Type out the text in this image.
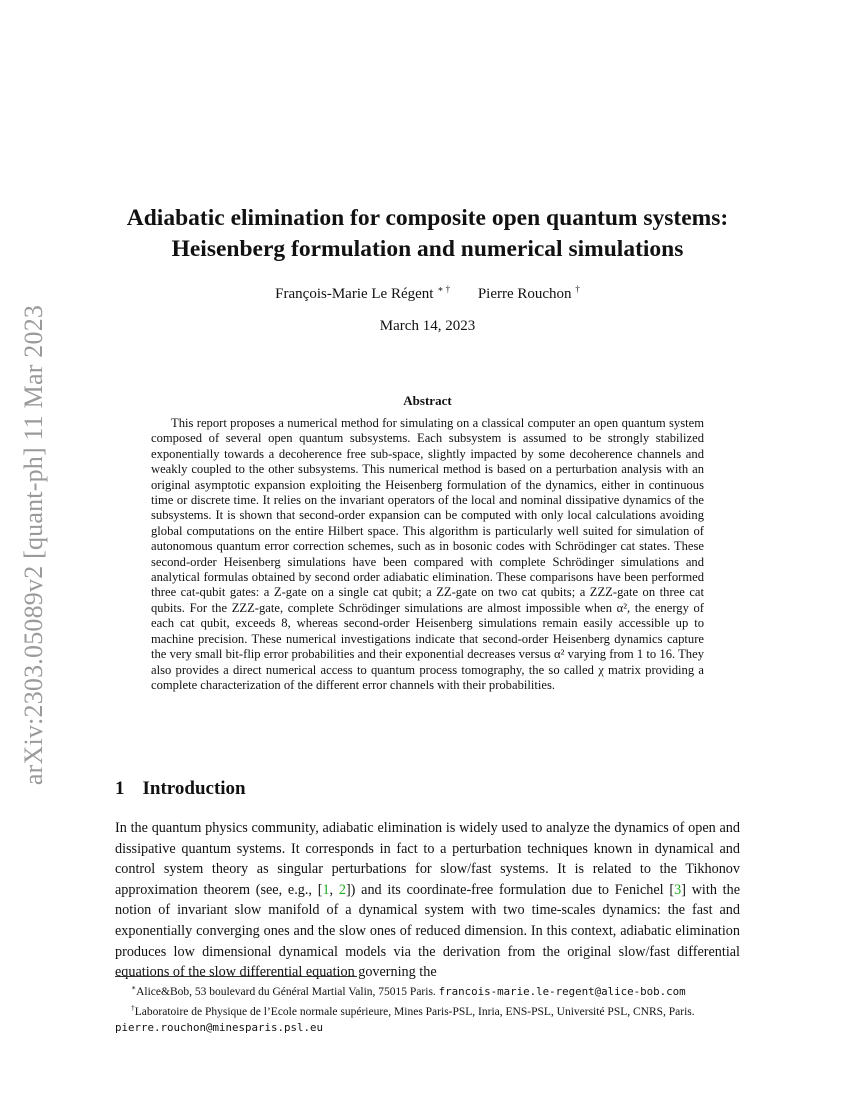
arXiv:2303.05089v2 [quant-ph] 11 Mar 2023
Adiabatic elimination for composite open quantum systems:
Heisenberg formulation and numerical simulations
François-Marie Le Régent ∗ † Pierre Rouchon †
March 14, 2023
Abstract

This report proposes a numerical method for simulating on a classical computer an open quantum system composed of several open quantum subsystems. Each subsystem is assumed to be strongly stabilized exponentially towards a decoherence free sub-space, slightly impacted by some decoherence channels and weakly coupled to the other subsystems. This numerical method is based on a perturbation analysis with an original asymptotic expansion exploiting the Heisenberg formulation of the dynamics, either in continuous time or discrete time. It relies on the invariant operators of the local and nominal dissipative dynamics of the subsystems. It is shown that second-order expansion can be computed with only local calculations avoiding global computations on the entire Hilbert space. This algorithm is particularly well suited for simulation of autonomous quantum error correction schemes, such as in bosonic codes with Schrödinger cat states. These second-order Heisenberg simulations have been compared with complete Schrödinger simulations and analytical formulas obtained by second order adiabatic elimination. These comparisons have been performed three cat-qubit gates: a Z-gate on a single cat qubit; a ZZ-gate on two cat qubits; a ZZZ-gate on three cat qubits. For the ZZZ-gate, complete Schrödinger simulations are almost impossible when α², the energy of each cat qubit, exceeds 8, whereas second-order Heisenberg simulations remain easily accessible up to machine precision. These numerical investigations indicate that second-order Heisenberg dynamics capture the very small bit-flip error probabilities and their exponential decreases versus α² varying from 1 to 16. They also provides a direct numerical access to quantum process tomography, the so called χ matrix providing a complete characterization of the different error channels with their probabilities.

1 Introduction

In the quantum physics community, adiabatic elimination is widely used to analyze the dynamics of open and dissipative quantum systems. It corresponds in fact to a perturbation techniques known in dynamical and control system theory as singular perturbations for slow/fast systems. It is related to the Tikhonov approximation theorem (see, e.g., [1, 2]) and its coordinate-free formulation due to Fenichel [3] with the notion of invariant slow manifold of a dynamical system with two time-scales dynamics: the fast and exponentially converging ones and the slow ones of reduced dimension. In this context, adiabatic elimination produces low dimensional dynamical models via the derivation from the original slow/fast differential equations of the slow differential equation governing the

∗Alice&Bob, 53 boulevard du Général Martial Valin, 75015 Paris. francois-marie.le-regent@alice-bob.com

†Laboratoire de Physique de l’Ecole normale supérieure, Mines Paris-PSL, Inria, ENS-PSL, Université PSL, CNRS, Paris. pierre.rouchon@minesparis.psl.eu
